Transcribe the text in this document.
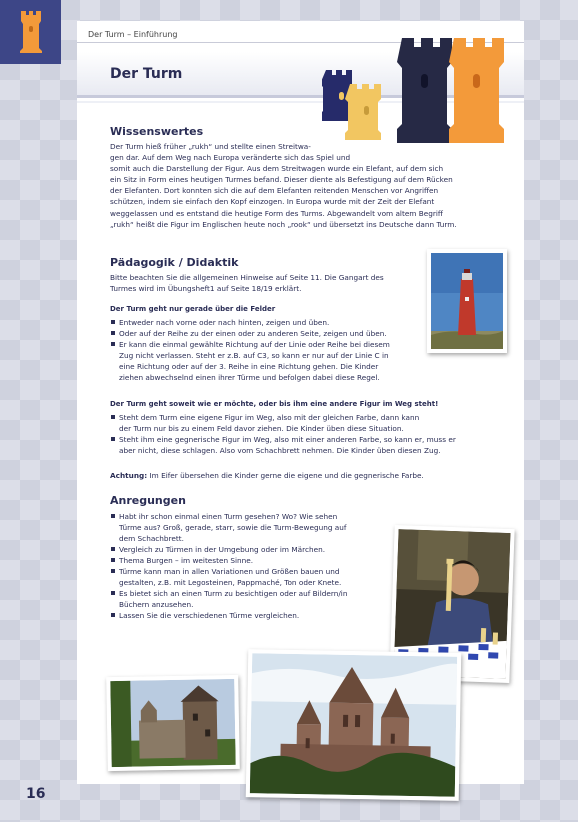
Der Turm – Einführung
Der Turm
Wissenswertes
Der Turm hieß früher „rukh“ und stellte einen Streitwa-
gen dar. Auf dem Weg nach Europa veränderte sich das Spiel und
somit auch die Darstellung der Figur. Aus dem Streitwagen wurde ein Elefant, auf dem sich
ein Sitz in Form eines heutigen Turmes befand. Dieser diente als Befestigung auf dem Rücken
der Elefanten. Dort konnten sich die auf dem Elefanten reitenden Menschen vor Angriffen
schützen, indem sie einfach den Kopf einzogen. In Europa wurde mit der Zeit der Elefant
weggelassen und es entstand die heutige Form des Turms. Abgewandelt vom altem Begriff
„rukh“ heißt die Figur im Englischen heute noch „rook“ und übersetzt ins Deutsche dann Turm.
Pädagogik / Didaktik
Bitte beachten Sie die allgemeinen Hinweise auf Seite 11. Die Gangart des
Turmes wird im Übungsheft1 auf Seite 18/19 erklärt.
Der Turm geht nur gerade über die Felder
Entweder nach vorne oder nach hinten, zeigen und üben.
Oder auf der Reihe zu der einen oder zu anderen Seite, zeigen und üben.
Er kann die einmal gewählte Richtung auf der Linie oder Reihe bei diesem
Zug nicht verlassen. Steht er z.B. auf C3, so kann er nur auf der Linie C in
eine Richtung oder auf der 3. Reihe in eine Richtung gehen. Die Kinder
ziehen abwechselnd einen ihrer Türme und befolgen dabei diese Regel.
Der Turm geht soweit wie er möchte, oder bis ihm eine andere Figur im Weg steht!
Steht dem Turm eine eigene Figur im Weg, also mit der gleichen Farbe, dann kann
der Turm nur bis zu einem Feld davor ziehen. Die Kinder üben diese Situation.
Steht ihm eine gegnerische Figur im Weg, also mit einer anderen Farbe, so kann er, muss er
aber nicht, diese schlagen. Also vom Schachbrett nehmen. Die Kinder üben diesen Zug.
Achtung: Im Eifer übersehen die Kinder gerne die eigene und die gegnerische Farbe.
Anregungen
Habt ihr schon einmal einen Turm gesehen? Wo? Wie sehen
Türme aus? Groß, gerade, starr, sowie die Turm-Bewegung auf
dem Schachbrett.
Vergleich zu Türmen in der Umgebung oder im Märchen.
Thema Burgen – im weitesten Sinne.
Türme kann man in allen Variationen und Größen bauen und
gestalten, z.B. mit Legosteinen, Pappmaché, Ton oder Knete.
Es bietet sich an einen Turm zu besichtigen oder auf Bildern/in
Büchern anzusehen.
Lassen Sie die verschiedenen Türme vergleichen.
16
